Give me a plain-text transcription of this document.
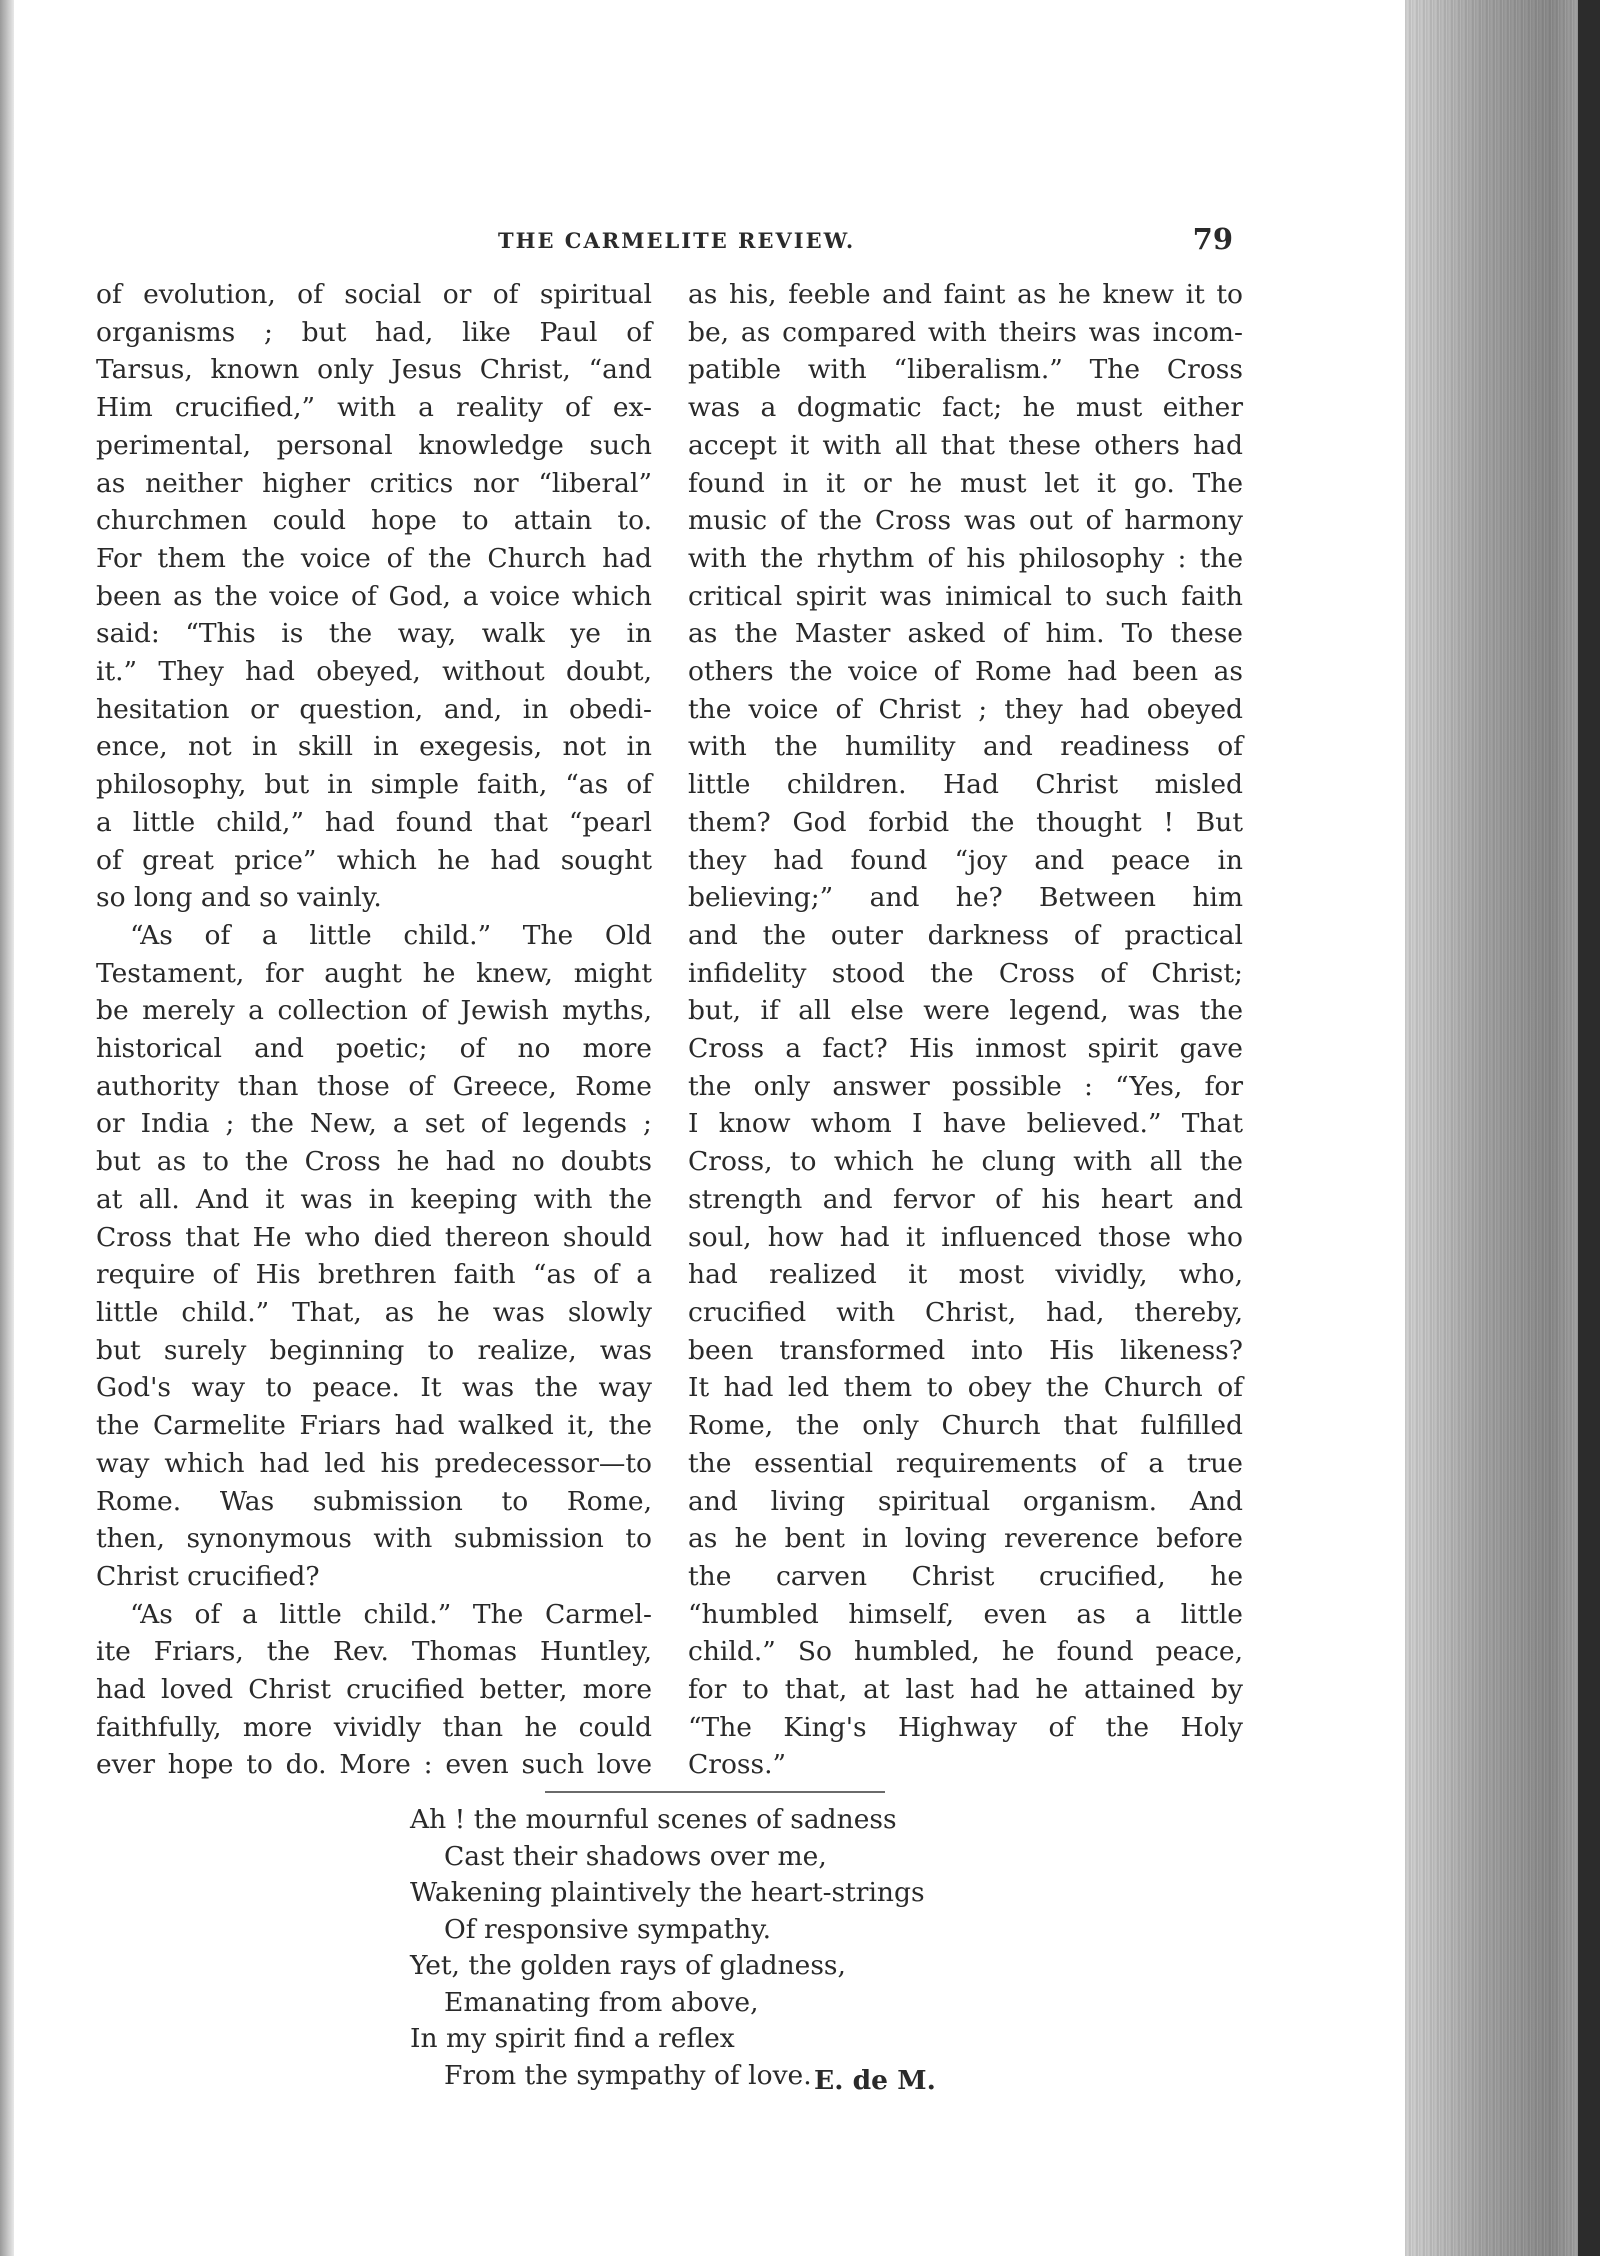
THE CARMELITE REVIEW.	79
of evolution, of social or of spiritual
organisms ; but had, like Paul of
Tarsus, known only Jesus Christ, “and
Him crucified,” with a reality of ex-
perimental, personal knowledge such
as neither higher critics nor “liberal”
churchmen could hope to attain to.
For them the voice of the Church had
been as the voice of God, a voice which
said: “This is the way, walk ye in
it.” They had obeyed, without doubt,
hesitation or question, and, in obedi-
ence, not in skill in exegesis, not in
philosophy, but in simple faith, “as of
a little child,” had found that “pearl
of great price” which he had sought
so long and so vainly.
“As of a little child.” The Old
Testament, for aught he knew, might
be merely a collection of Jewish myths,
historical and poetic; of no more
authority than those of Greece, Rome
or India ; the New, a set of legends ;
but as to the Cross he had no doubts
at all. And it was in keeping with the
Cross that He who died thereon should
require of His brethren faith “as of a
little child.” That, as he was slowly
but surely beginning to realize, was
God's way to peace. It was the way
the Carmelite Friars had walked it, the
way which had led his predecessor—to
Rome. Was submission to Rome,
then, synonymous with submission to
Christ crucified?
“As of a little child.” The Carmel-
ite Friars, the Rev. Thomas Huntley,
had loved Christ crucified better, more
faithfully, more vividly than he could
ever hope to do. More : even such love
as his, feeble and faint as he knew it to
be, as compared with theirs was incom-
patible with “liberalism.” The Cross
was a dogmatic fact; he must either
accept it with all that these others had
found in it or he must let it go. The
music of the Cross was out of harmony
with the rhythm of his philosophy : the
critical spirit was inimical to such faith
as the Master asked of him. To these
others the voice of Rome had been as
the voice of Christ ; they had obeyed
with the humility and readiness of
little children. Had Christ misled
them? God forbid the thought ! But
they had found “joy and peace in
believing;” and he? Between him
and the outer darkness of practical
infidelity stood the Cross of Christ;
but, if all else were legend, was the
Cross a fact? His inmost spirit gave
the only answer possible : “Yes, for
I know whom I have believed.” That
Cross, to which he clung with all the
strength and fervor of his heart and
soul, how had it influenced those who
had realized it most vividly, who,
crucified with Christ, had, thereby,
been transformed into His likeness?
It had led them to obey the Church of
Rome, the only Church that fulfilled
the essential requirements of a true
and living spiritual organism. And
as he bent in loving reverence before
the carven Christ crucified, he
“humbled himself, even as a little
child.” So humbled, he found peace,
for to that, at last had he attained by
“The King's Highway of the Holy
Cross.”
Ah ! the mournful scenes of sadness
Cast their shadows over me,
Wakening plaintively the heart-strings
Of responsive sympathy.
Yet, the golden rays of gladness,
Emanating from above,
In my spirit find a reflex
From the sympathy of love. E. de M.
